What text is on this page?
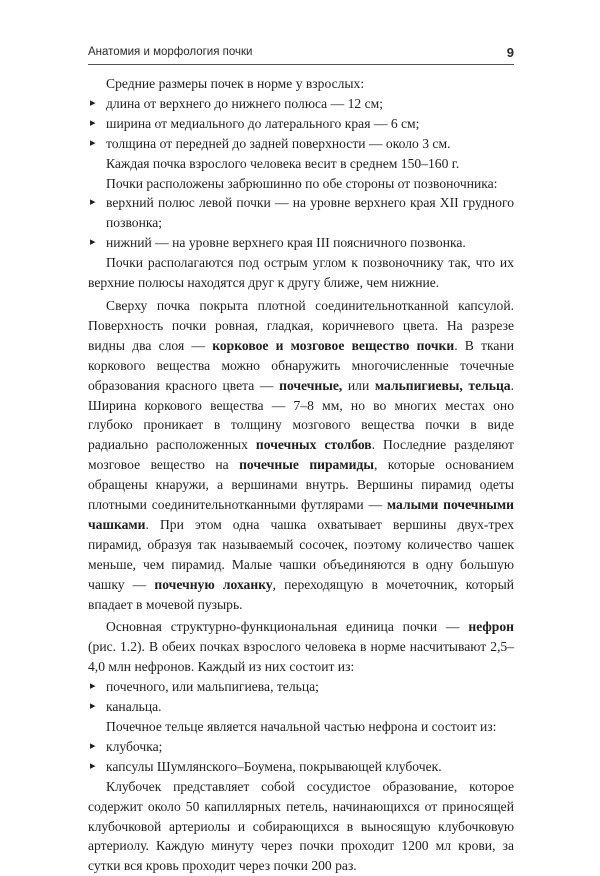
Анатомия и морфология почки	9

Средние размеры почек в норме у взрослых:

▸ длина от верхнего до нижнего полюса — 12 см;

▸ ширина от медиального до латерального края — 6 см;

▸ толщина от передней до задней поверхности — около 3 см.

Каждая почка взрослого человека весит в среднем 150–160 г.

Почки расположены забрюшинно по обе стороны от позвоночника:

▸ верхний полюс левой почки — на уровне верхнего края XII грудного позвонка;

▸ нижний — на уровне верхнего края III поясничного позвонка.

Почки располагаются под острым углом к позвоночнику так, что их верхние полюсы находятся друг к другу ближе, чем нижние.

Сверху почка покрыта плотной соединительнотканной капсулой. Поверхность почки ровная, гладкая, коричневого цвета. На разрезе видны два слоя — корковое и мозговое вещество почки. В ткани коркового вещества можно обнаружить многочисленные точечные образования красного цвета — почечные, или мальпигиевы, тельца. Ширина коркового вещества — 7–8 мм, но во многих местах оно глубоко проникает в толщину мозгового вещества почки в виде радиально расположенных почечных столбов. Последние разделяют мозговое вещество на почечные пирамиды, которые основанием обращены кнаружи, а вершинами внутрь. Вершины пирамид одеты плотными соединительнотканными футлярами — малыми почечными чашками. При этом одна чашка охватывает вершины двух-трех пирамид, образуя так называемый сосочек, поэтому количество чашек меньше, чем пирамид. Малые чашки объединяются в одну большую чашку — почечную лоханку, переходящую в мочеточник, который впадает в мочевой пузырь.

Основная структурно-функциональная единица почки — нефрон (рис. 1.2). В обеих почках взрослого человека в норме насчитывают 2,5–4,0 млн нефронов. Каждый из них состоит из:

▸ почечного, или мальпигиева, тельца;

▸ канальца.

Почечное тельце является начальной частью нефрона и состоит из:

▸ клубочка;

▸ капсулы Шумлянского–Боумена, покрывающей клубочек.

Клубочек представляет собой сосудистое образование, которое содержит около 50 капиллярных петель, начинающихся от приносящей клубочковой артериолы и собирающихся в выносящую клубочковую артериолу. Каждую минуту через почки проходит 1200 мл крови, за сутки вся кровь проходит через почки 200 раз.
